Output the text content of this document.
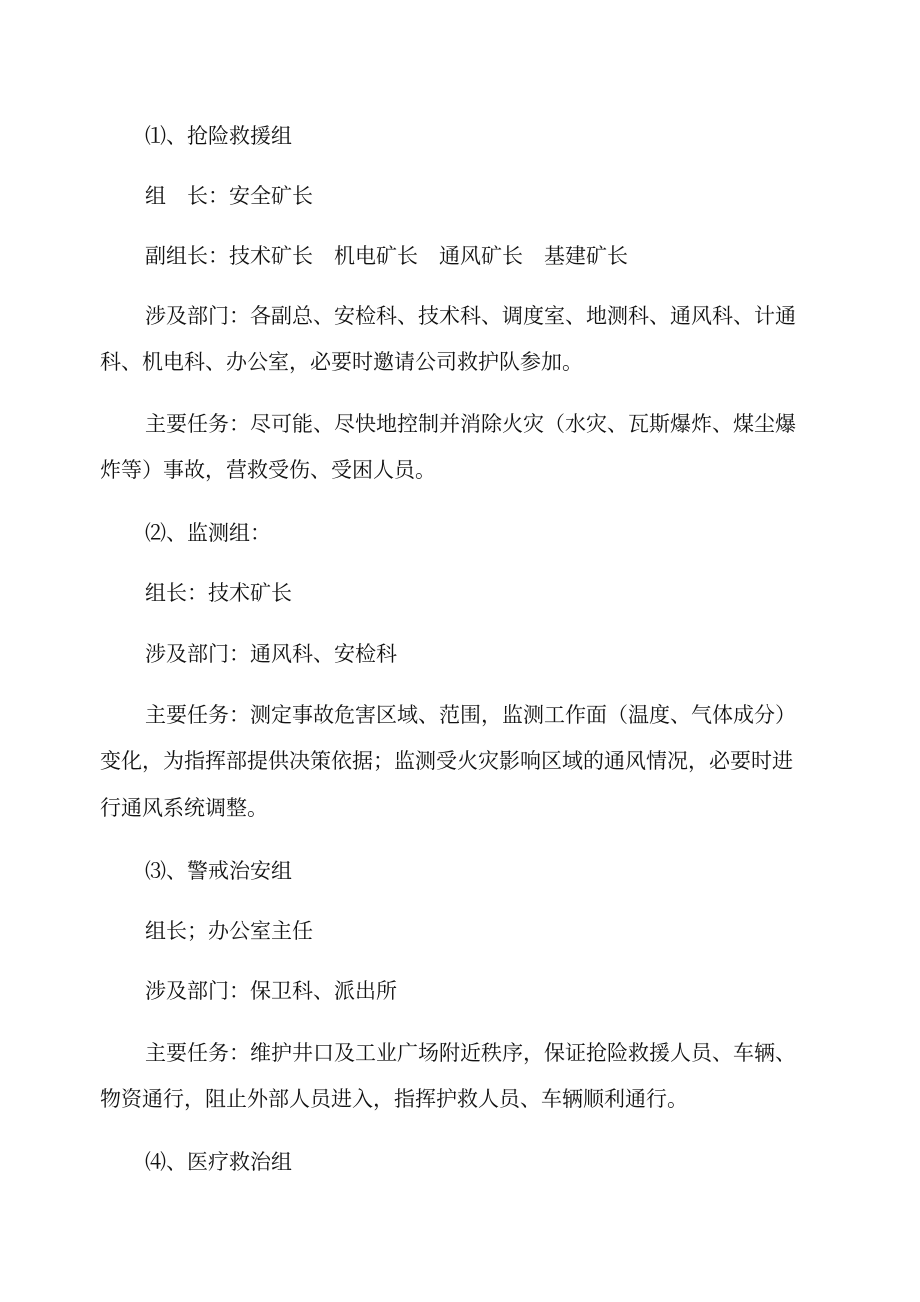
⑴、抢险救援组

组　长：安全矿长

副组长：技术矿长　机电矿长　通风矿长　基建矿长

涉及部门：各副总、安检科、技术科、调度室、地测科、通风科、计通

科、机电科、办公室，必要时邀请公司救护队参加。

主要任务：尽可能、尽快地控制并消除火灾（水灾、瓦斯爆炸、煤尘爆

炸等）事故，营救受伤、受困人员。

⑵、监测组：

组长：技术矿长

涉及部门：通风科、安检科

主要任务：测定事故危害区域、范围，监测工作面（温度、气体成分）

变化，为指挥部提供决策依据；监测受火灾影响区域的通风情况，必要时进

行通风系统调整。

⑶、警戒治安组

组长；办公室主任

涉及部门：保卫科、派出所

主要任务：维护井口及工业广场附近秩序，保证抢险救援人员、车辆、

物资通行，阻止外部人员进入，指挥护救人员、车辆顺利通行。

⑷、医疗救治组
